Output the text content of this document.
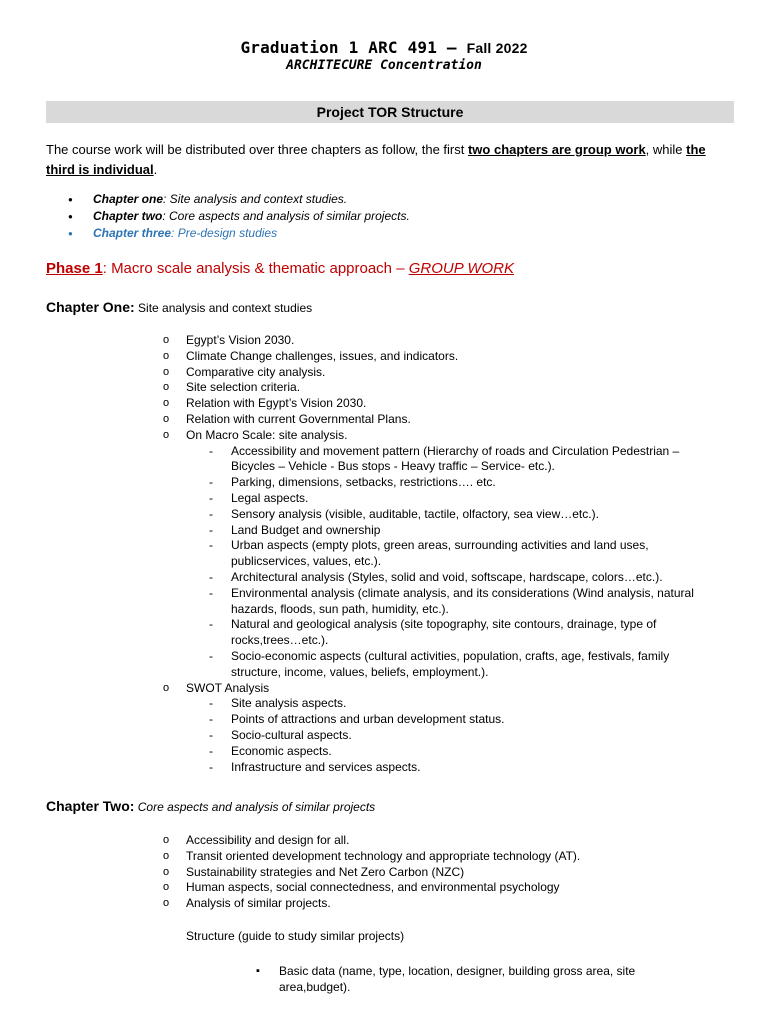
Graduation 1 ARC 491 – Fall 2022
ARCHITECURE Concentration
Project TOR Structure
The course work will be distributed over three chapters as follow, the first two chapters are group work, while the third is individual.
● Chapter one: Site analysis and context studies.
● Chapter two: Core aspects and analysis of similar projects.
● Chapter three: Pre-design studies
Phase 1: Macro scale analysis & thematic approach – GROUP WORK
Chapter One: Site analysis and context studies
o Egypt’s Vision 2030.
o Climate Change challenges, issues, and indicators.
o Comparative city analysis.
o Site selection criteria.
o Relation with Egypt’s Vision 2030.
o Relation with current Governmental Plans.
o On Macro Scale: site analysis.
- Accessibility and movement pattern (Hierarchy of roads and Circulation Pedestrian –Bicycles – Vehicle - Bus stops - Heavy traffic – Service- etc.).
- Parking, dimensions, setbacks, restrictions…. etc.
- Legal aspects.
- Sensory analysis (visible, auditable, tactile, olfactory, sea view…etc.).
- Land Budget and ownership
- Urban aspects (empty plots, green areas, surrounding activities and land uses, publicservices, values, etc.).
- Architectural analysis (Styles, solid and void, softscape, hardscape, colors…etc.).
- Environmental analysis (climate analysis, and its considerations (Wind analysis, natural hazards, floods, sun path, humidity, etc.).
- Natural and geological analysis (site topography, site contours, drainage, type of rocks,trees…etc.).
- Socio-economic aspects (cultural activities, population, crafts, age, festivals, family structure, income, values, beliefs, employment.).
o SWOT Analysis
- Site analysis aspects.
- Points of attractions and urban development status.
- Socio-cultural aspects.
- Economic aspects.
- Infrastructure and services aspects.
Chapter Two: Core aspects and analysis of similar projects
o Accessibility and design for all.
o Transit oriented development technology and appropriate technology (AT).
o Sustainability strategies and Net Zero Carbon (NZC)
o Human aspects, social connectedness, and environmental psychology
o Analysis of similar projects.
Structure (guide to study similar projects)
▪ Basic data (name, type, location, designer, building gross area, site area,budget).
